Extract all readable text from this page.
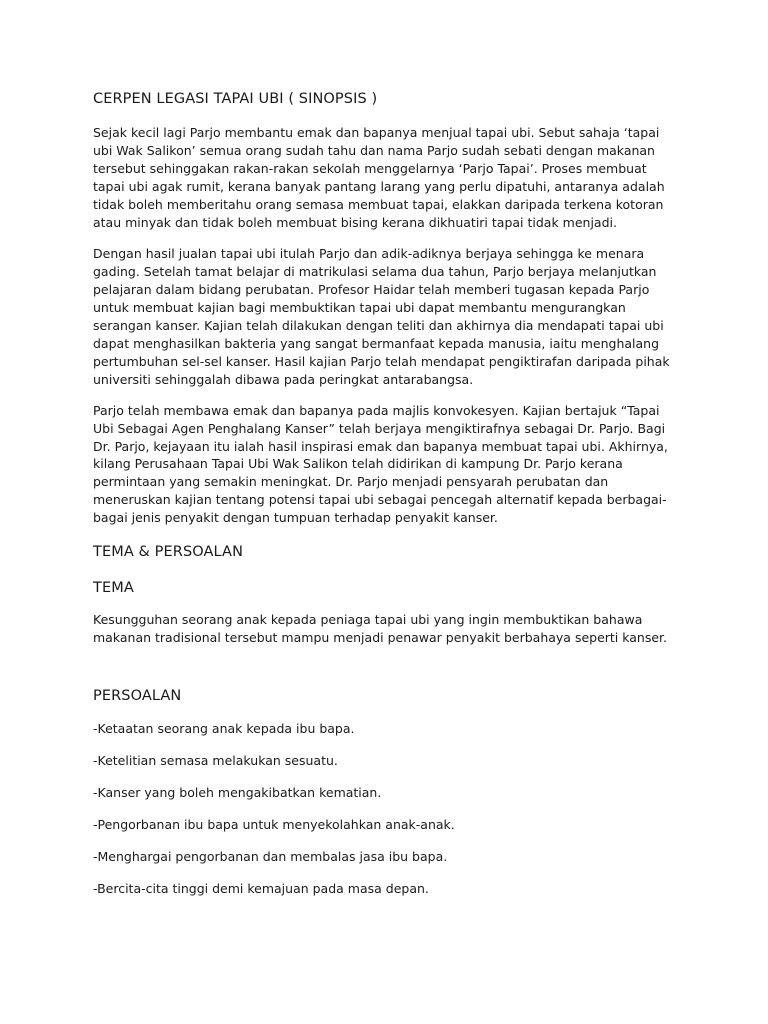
CERPEN LEGASI TAPAI UBI ( SINOPSIS )

Sejak kecil lagi Parjo membantu emak dan bapanya menjual tapai ubi. Sebut sahaja ‘tapai ubi Wak Salikon’ semua orang sudah tahu dan nama Parjo sudah sebati dengan makanan tersebut sehinggakan rakan-rakan sekolah menggelarnya ‘Parjo Tapai’. Proses membuat tapai ubi agak rumit, kerana banyak pantang larang yang perlu dipatuhi, antaranya adalah tidak boleh memberitahu orang semasa membuat tapai, elakkan daripada terkena kotoran atau minyak dan tidak boleh membuat bising kerana dikhuatiri tapai tidak menjadi.

Dengan hasil jualan tapai ubi itulah Parjo dan adik-adiknya berjaya sehingga ke menara gading. Setelah tamat belajar di matrikulasi selama dua tahun, Parjo berjaya melanjutkan pelajaran dalam bidang perubatan. Profesor Haidar telah memberi tugasan kepada Parjo untuk membuat kajian bagi membuktikan tapai ubi dapat membantu mengurangkan serangan kanser. Kajian telah dilakukan dengan teliti dan akhirnya dia mendapati tapai ubi dapat menghasilkan bakteria yang sangat bermanfaat kepada manusia, iaitu menghalang pertumbuhan sel-sel kanser. Hasil kajian Parjo telah mendapat pengiktirafan daripada pihak universiti sehinggalah dibawa pada peringkat antarabangsa.

Parjo telah membawa emak dan bapanya pada majlis konvokesyen. Kajian bertajuk “Tapai Ubi Sebagai Agen Penghalang Kanser” telah berjaya mengiktirafnya sebagai Dr. Parjo. Bagi Dr. Parjo, kejayaan itu ialah hasil inspirasi emak dan bapanya membuat tapai ubi. Akhirnya, kilang Perusahaan Tapai Ubi Wak Salikon telah didirikan di kampung Dr. Parjo kerana permintaan yang semakin meningkat. Dr. Parjo menjadi pensyarah perubatan dan meneruskan kajian tentang potensi tapai ubi sebagai pencegah alternatif kepada berbagai-bagai jenis penyakit dengan tumpuan terhadap penyakit kanser.

TEMA & PERSOALAN
TEMA

Kesungguhan seorang anak kepada peniaga tapai ubi yang ingin membuktikan bahawa makanan tradisional tersebut mampu menjadi penawar penyakit berbahaya seperti kanser.

PERSOALAN

-Ketaatan seorang anak kepada ibu bapa.

-Ketelitian semasa melakukan sesuatu.

-Kanser yang boleh mengakibatkan kematian.

-Pengorbanan ibu bapa untuk menyekolahkan anak-anak.

-Menghargai pengorbanan dan membalas jasa ibu bapa.

-Bercita-cita tinggi demi kemajuan pada masa depan.
